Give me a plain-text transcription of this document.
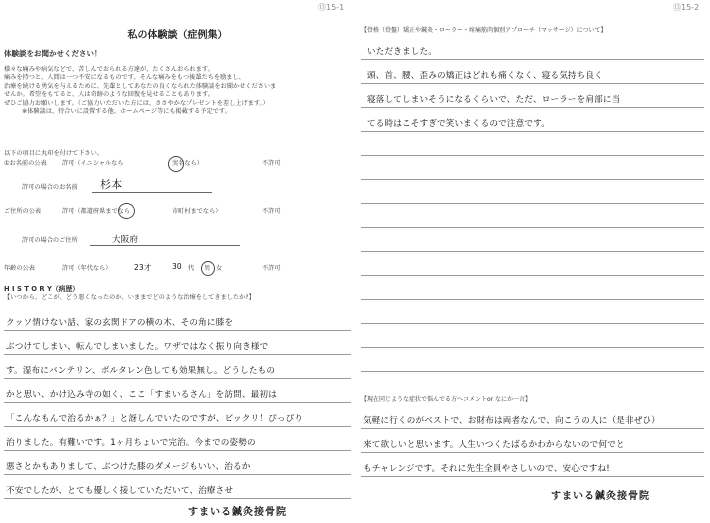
⑬15-1
私の体験談（症例集）
体験談をお聞かせください！
様々な痛みや病気などで、苦しんでおられる方達が、たくさんおられます。
痛みを持つと、人間は一つ不安になるものです。そんな痛みをもつ後輩たちを励まし、
治療を続ける勇気を与えるために、先輩としてあなたの良くなられた体験談をお聞かせくださいま
せんか。希望をもてると、人は奇跡のような回復を見せることもあります。
ぜひご協力お願いします。（ご協力いただいた方には、ささやかなプレゼントを差し上げます。）
※体験談は、待合いに設置する他、ホームページ等にも掲載する予定です。
以下の項目に丸印を付けて下さい。
①お名前の公表 許可（イニシャルなら	実名なら）	不許可
許可の場合のお名前 杉本
ご住所の公表	許可（都道府県までなら	市町村までなら）	不許可
許可の場合のご住所	大阪府
年齢の公表	許可（年代なら）	23才	30 代 男 女	不許可
H I S T O R Y（病歴）
【いつから、どこが、どう悪くなったのか、いままでどのような治療をしてきましたか?】
クッソ情けない話、家の玄関ドアの横の木、その角に膝を
ぶつけてしまい、転んでしまいました。ワザではなく振り向き様で
す。湿布にバンテリン、ボルタレン色しても効果無し。どうしたもの
かと思い、かけ込み寺の如く、ここ「すまいるさん」を訪問、最初は
「こんなもんで治るかぁ？」と訝しんでいたのですが、ビックリ！ぴっぴり
治りました。有難いです。1ヶ月ちょいで完治。今までの姿勢の
悪さとかもありまして、ぶつけた膝のダメージもいい、治るか
不安でしたが、とても優しく接していただいて、治療させ
すまいる鍼灸接骨院
⑬15-2
【骨格（骨盤）矯正や鍼灸・ローラー・疼痛筋肉個別アプローチ（マッサージ）について】
いただきました。
頭、首、腰、歪みの矯正はどれも痛くなく、寝る気持ち良く
寝落してしまいそうになるくらいで、ただ、ローラーを肩部に当
てる時はこそすぎで笑いまくるので注意です。
【現在同じような症状で悩んでる方へコメントor なにか一言】
気軽に行くのがベストで、お財布は両者なんで、向こうの人に（是非ぜひ）
来て欲しいと思います。人生いつくたばるかわからないので何でと
もチャレンジです。それに先生全員やさしいので、安心ですね!
すまいる鍼灸接骨院
